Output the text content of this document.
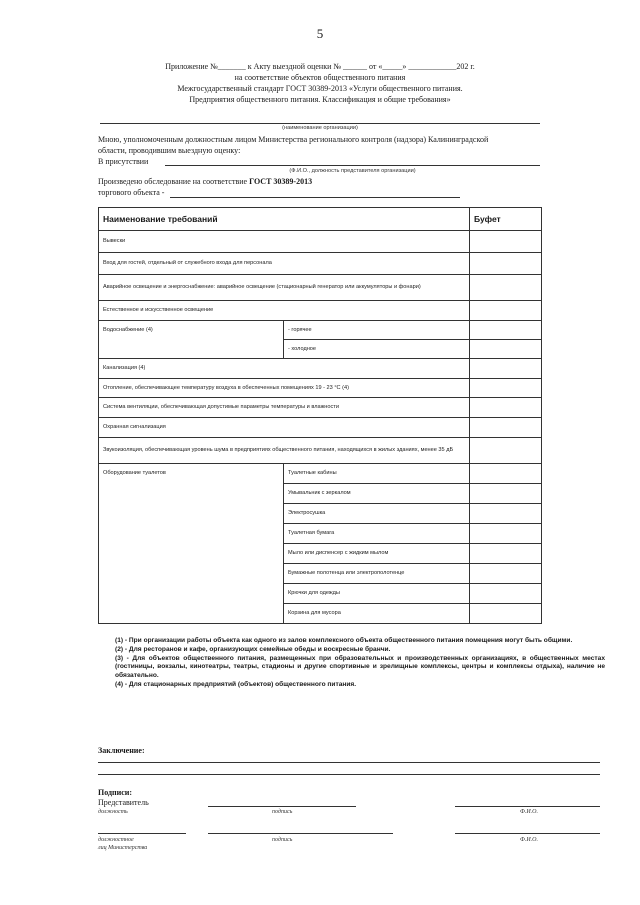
5
Приложение №_______ к Акту выездной оценки № ______ от «_____» ____________202 г.
на соответствие объектов общественного питания
Межгосударственный стандарт ГОСТ 30389-2013 «Услуги общественного питания.
Предприятия общественного питания. Классификация и общие требования»
(наименование организации)
Мною, уполномоченным должностным лицом Министерства регионального контроля (надзора) Калининградской
области, проводившим выездную оценку:
В присутствии
(Ф.И.О., должность представителя организации)
Произведено обследование на соответствие ГОСТ 30389-2013
торгового объекта -
Наименование требований		Буфет
Вывески		
Вход для гостей, отдельный от служебного входа для персонала		
Аварийное освещение и энергоснабжение: аварийное освещение (стационарный генератор или аккумуляторы и фонари)		
Естественное и искусственное освещение		
Водоснабжение (4)	- горячее	
	- холодное	
Канализация (4)		
Отопление, обеспечивающее температуру воздуха в обеспеченных помещениях 19 - 23 °С (4)		
Система вентиляции, обеспечивающая допустимые параметры температуры и влажности		
Охранная сигнализация		
Звукоизоляция, обеспечивающая уровень шума в предприятиях общественного питания, находящихся в жилых зданиях, менее 35 дБ		
Оборудование туалетов	Туалетные кабины	
	Умывальник с зеркалом	
	Электросушка	
	Туалетная бумага	
	Мыло или диспенсер с жидким мылом	
	Бумажные полотенца или электрополотенце	
	Крючки для одежды	
	Корзина для мусора	
(1) - При организации работы объекта как одного из залов комплексного объекта общественного питания помещения могут быть общими.
(2) - Для ресторанов и кафе, организующих семейные обеды и воскресные бранчи.
(3) - Для объектов общественного питания, размещенных при образовательных и производственных организациях, в общественных местах (гостиницы, вокзалы, кинотеатры, театры, стадионы и другие спортивные и зрелищные комплексы, центры и комплексы отдыха), наличие не обязательно.
(4) - Для стационарных предприятий (объектов) общественного питания.
Заключение:
Подписи:
Представитель
должность	подпись	Ф.И.О.
должностное	подпись	Ф.И.О.
лиц Министерства
